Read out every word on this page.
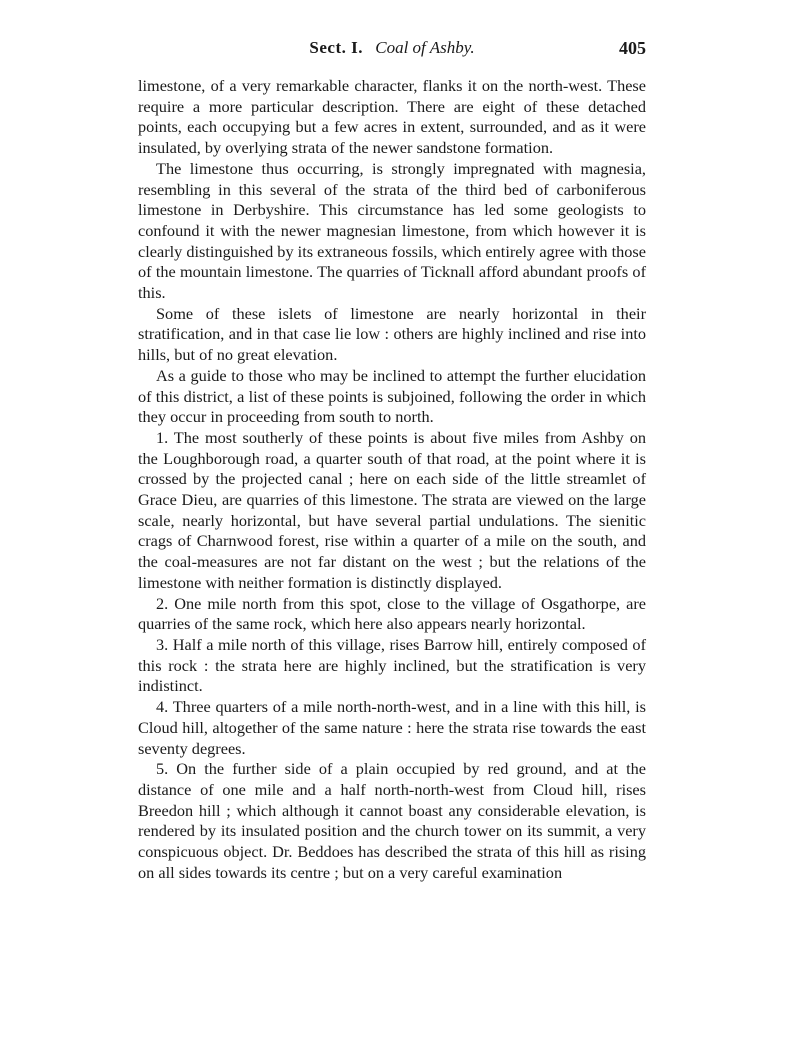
Sect. I. Coal of Ashby.	405

limestone, of a very remarkable character, flanks it on the north-west. These require a more particular description. There are eight of these detached points, each occupying but a few acres in extent, surrounded, and as it were insulated, by overlying strata of the newer sandstone formation.

The limestone thus occurring, is strongly impregnated with magnesia, resembling in this several of the strata of the third bed of carboniferous limestone in Derbyshire. This circumstance has led some geologists to confound it with the newer magnesian limestone, from which however it is clearly distinguished by its extraneous fossils, which entirely agree with those of the mountain limestone. The quarries of Ticknall afford abundant proofs of this.

Some of these islets of limestone are nearly horizontal in their stratification, and in that case lie low : others are highly inclined and rise into hills, but of no great elevation.

As a guide to those who may be inclined to attempt the further elucidation of this district, a list of these points is subjoined, following the order in which they occur in proceeding from south to north.

1. The most southerly of these points is about five miles from Ashby on the Loughborough road, a quarter south of that road, at the point where it is crossed by the projected canal ; here on each side of the little streamlet of Grace Dieu, are quarries of this limestone. The strata are viewed on the large scale, nearly horizontal, but have several partial undulations. The sienitic crags of Charnwood forest, rise within a quarter of a mile on the south, and the coal-measures are not far distant on the west ; but the relations of the limestone with neither formation is distinctly displayed.

2. One mile north from this spot, close to the village of Osgathorpe, are quarries of the same rock, which here also appears nearly horizontal.

3. Half a mile north of this village, rises Barrow hill, entirely composed of this rock : the strata here are highly inclined, but the stratification is very indistinct.

4. Three quarters of a mile north-north-west, and in a line with this hill, is Cloud hill, altogether of the same nature : here the strata rise towards the east seventy degrees.

5. On the further side of a plain occupied by red ground, and at the distance of one mile and a half north-north-west from Cloud hill, rises Breedon hill ; which although it cannot boast any considerable elevation, is rendered by its insulated position and the church tower on its summit, a very conspicuous object. Dr. Beddoes has described the strata of this hill as rising on all sides towards its centre ; but on a very careful examination
